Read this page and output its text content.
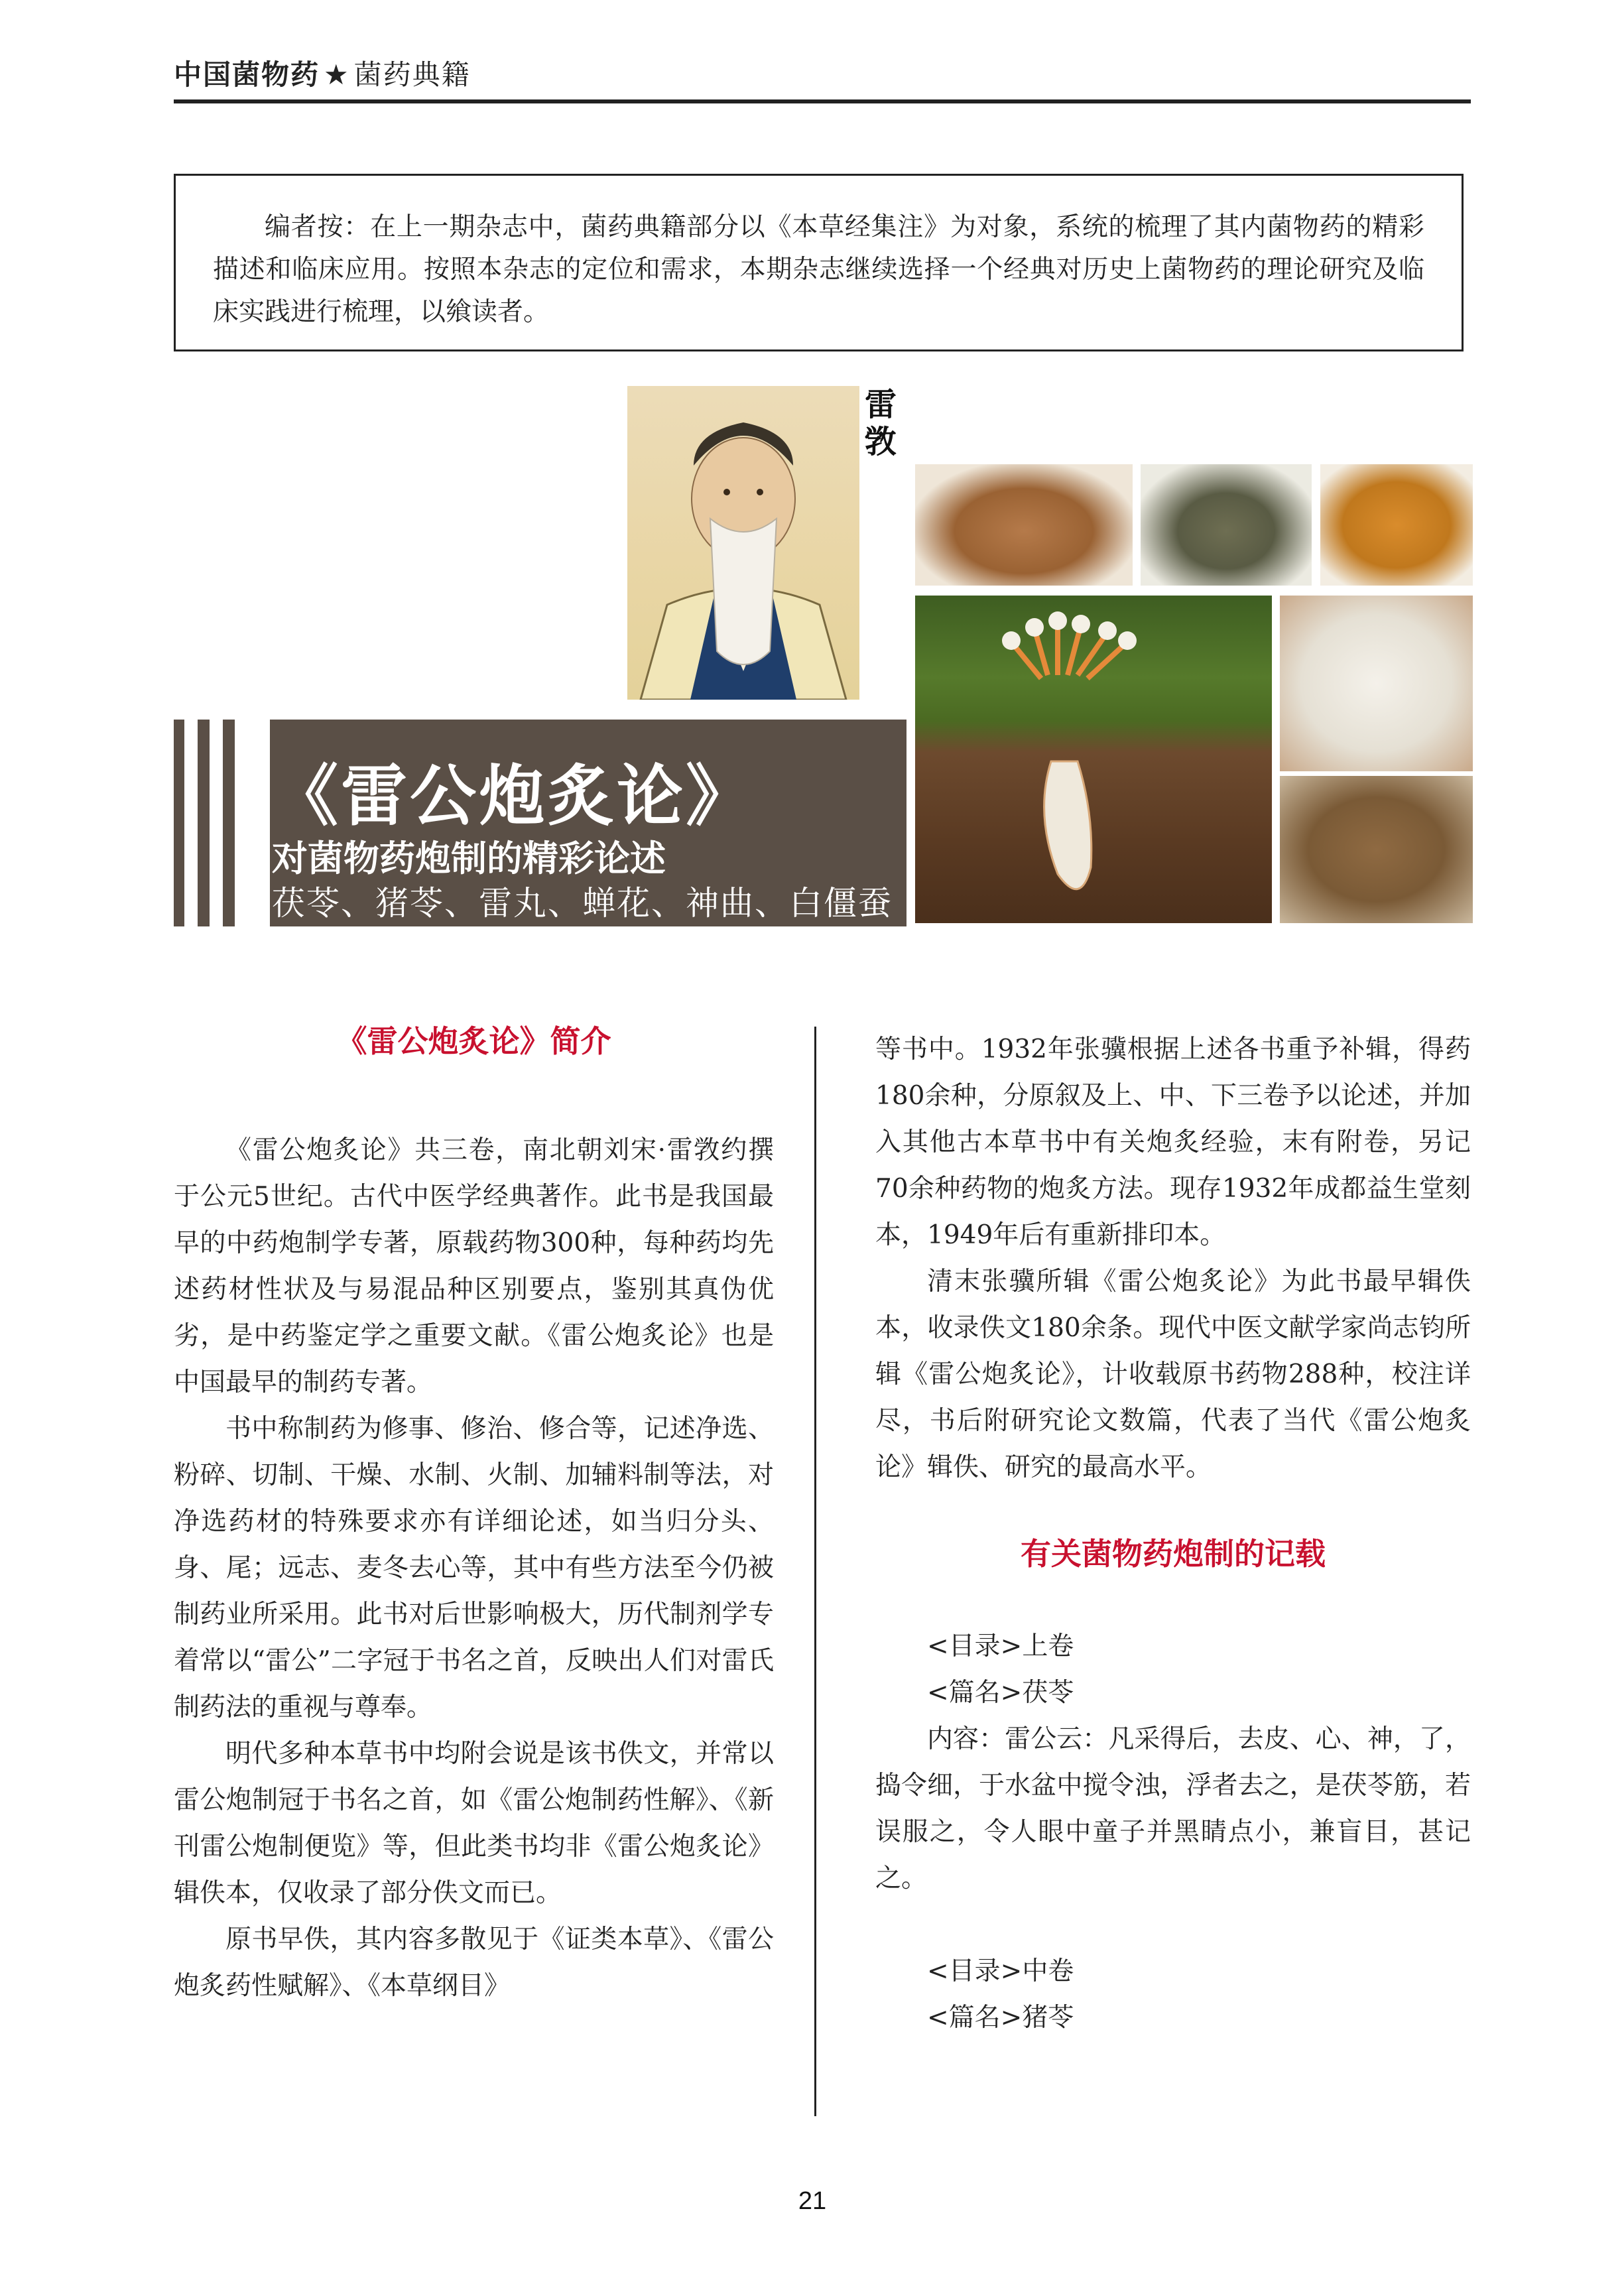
中国菌物药 ★ 菌药典籍
编者按：在上一期杂志中，菌药典籍部分以《本草经集注》为对象，系统的梳理了其内菌物药的精彩描述和临床应用。按照本杂志的定位和需求，本期杂志继续选择一个经典对历史上菌物药的理论研究及临床实践进行梳理，以飨读者。
雷敩
《雷公炮炙论》
对菌物药炮制的精彩论述
茯苓、猪苓、雷丸、蝉花、神曲、白僵蚕

《雷公炮炙论》简介

《雷公炮炙论》共三卷，南北朝刘宋·雷敩约撰于公元5世纪。古代中医学经典著作。此书是我国最早的中药炮制学专著，原载药物300种，每种药均先述药材性状及与易混品种区别要点，鉴别其真伪优劣，是中药鉴定学之重要文献。《雷公炮炙论》也是中国最早的制药专著。

书中称制药为修事、修治、修合等，记述净选、粉碎、切制、干燥、水制、火制、加辅料制等法，对净选药材的特殊要求亦有详细论述，如当归分头、身、尾；远志、麦冬去心等，其中有些方法至今仍被制药业所采用。此书对后世影响极大，历代制剂学专着常以“雷公”二字冠于书名之首，反映出人们对雷氏制药法的重视与尊奉。

明代多种本草书中均附会说是该书佚文，并常以雷公炮制冠于书名之首，如《雷公炮制药性解》、《新刊雷公炮制便览》等，但此类书均非《雷公炮炙论》辑佚本，仅收录了部分佚文而已。

原书早佚，其内容多散见于《证类本草》、《雷公炮炙药性赋解》、《本草纲目》

等书中。1932年张骥根据上述各书重予补辑，得药180余种，分原叙及上、中、下三卷予以论述，并加入其他古本草书中有关炮炙经验，末有附卷，另记70余种药物的炮炙方法。现存1932年成都益生堂刻本，1949年后有重新排印本。

清末张骥所辑《雷公炮炙论》为此书最早辑佚本，收录佚文180余条。现代中医文献学家尚志钧所辑《雷公炮炙论》，计收载原书药物288种，校注详尽，书后附研究论文数篇，代表了当代《雷公炮炙论》辑佚、研究的最高水平。

有关菌物药炮制的记载

<目录>上卷

<篇名>茯苓

内容：雷公云：凡采得后，去皮、心、神，了，捣令细，于水盆中搅令浊，浮者去之，是茯苓筋，若误服之，令人眼中童子并黑睛点小，兼盲目，甚记之。

<目录>中卷

<篇名>猪苓

21
